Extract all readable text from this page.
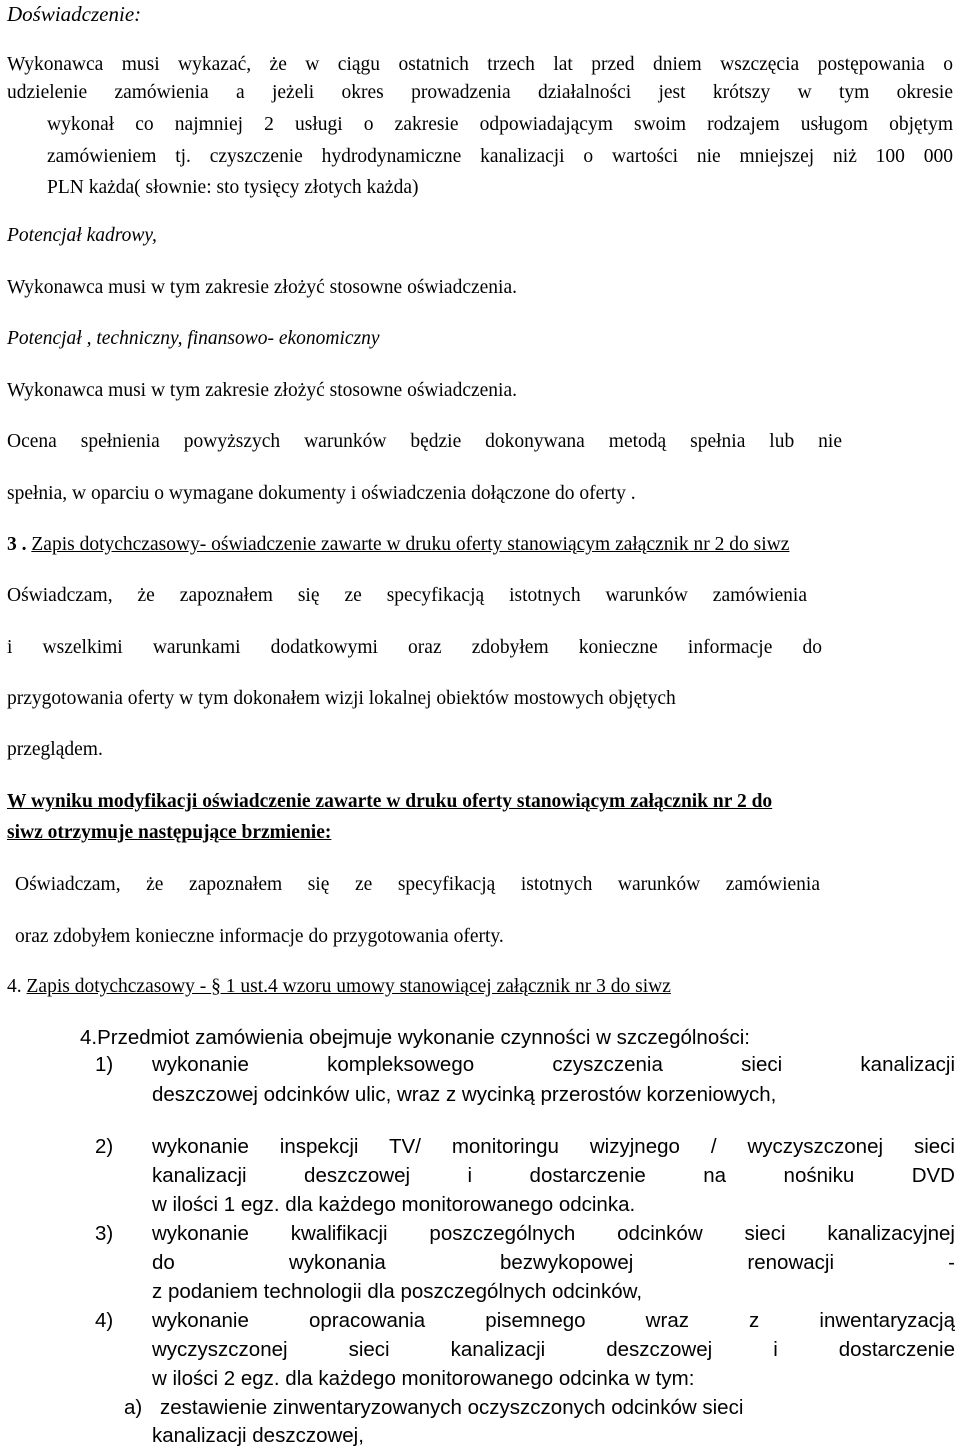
Doświadczenie:
Wykonawca musi wykazać, że w ciągu ostatnich trzech lat przed dniem wszczęcia postępowania o
udzielenie zamówienia a jeżeli okres prowadzenia działalności jest krótszy w tym okresie
wykonał co najmniej 2 usługi o zakresie odpowiadającym swoim rodzajem usługom objętym
zamówieniem tj. czyszczenie hydrodynamiczne kanalizacji o wartości nie mniejszej niż 100 000
PLN każda( słownie: sto tysięcy złotych każda)
Potencjał kadrowy,
Wykonawca musi w tym zakresie złożyć stosowne oświadczenia.
Potencjał , techniczny, finansowo- ekonomiczny
Wykonawca musi w tym zakresie złożyć stosowne oświadczenia.
Ocena spełnienia powyższych warunków będzie dokonywana metodą spełnia lub nie
spełnia, w oparciu o wymagane dokumenty i oświadczenia dołączone do oferty .
3 . Zapis dotychczasowy- oświadczenie zawarte w druku oferty stanowiącym załącznik nr 2 do siwz
Oświadczam, że zapoznałem się ze specyfikacją istotnych warunków zamówienia
i wszelkimi warunkami dodatkowymi oraz zdobyłem konieczne informacje do
przygotowania oferty w tym dokonałem wizji lokalnej obiektów mostowych objętych
przeglądem.
W wyniku modyfikacji oświadczenie zawarte w druku oferty stanowiącym załącznik nr 2 do
siwz otrzymuje następujące brzmienie:
Oświadczam, że zapoznałem się ze specyfikacją istotnych warunków zamówienia
oraz zdobyłem konieczne informacje do przygotowania oferty.
4. Zapis dotychczasowy - § 1 ust.4 wzoru umowy stanowiącej załącznik nr 3 do siwz
4.Przedmiot zamówienia obejmuje wykonanie czynności w szczególności:
1) wykonanie kompleksowego czyszczenia sieci kanalizacji
deszczowej odcinków ulic, wraz z wycinką przerostów korzeniowych,
2) wykonanie inspekcji TV/ monitoringu wizyjnego / wyczyszczonej sieci
kanalizacji deszczowej i dostarczenie na nośniku DVD
w ilości 1 egz. dla każdego monitorowanego odcinka.
3) wykonanie kwalifikacji poszczególnych odcinków sieci kanalizacyjnej
do wykonania bezwykopowej renowacji -
z podaniem technologii dla poszczególnych odcinków,
4) wykonanie opracowania pisemnego wraz z inwentaryzacją
wyczyszczonej sieci kanalizacji deszczowej i dostarczenie
w ilości 2 egz. dla każdego monitorowanego odcinka w tym:
a) zestawienie zinwentaryzowanych oczyszczonych odcinków sieci
kanalizacji deszczowej,
